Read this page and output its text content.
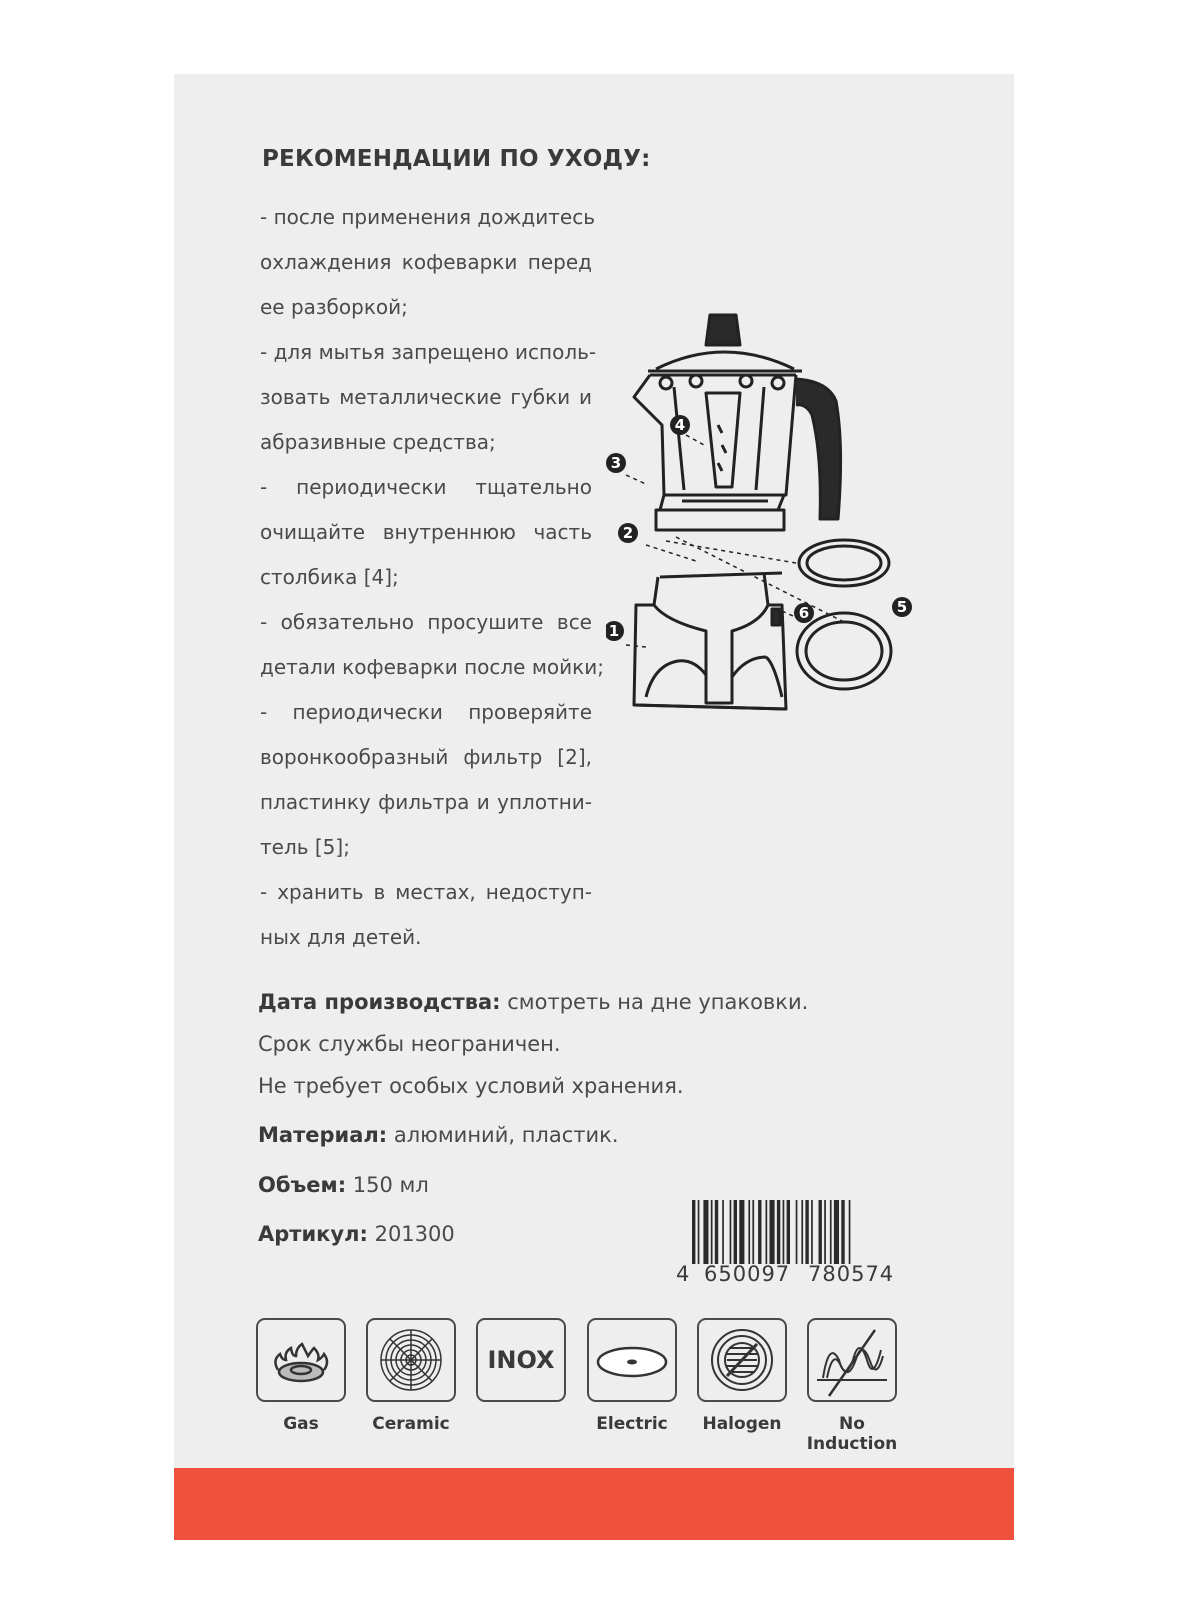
РЕКОМЕНДАЦИИ ПО УХОДУ:
- после применения дождитесь
охлаждения кофеварки перед
ее разборкой;
- для мытья запрещено исполь-
зовать металлические губки и
абразивные средства;
- периодически тщательно
очищайте внутреннюю часть
столбика [4];
- обязательно просушите все
детали кофеварки после мойки;
- периодически проверяйте
воронкообразный фильтр [2],
пластинку фильтра и уплотни-
тель [5];
- хранить в местах, недоступ-
ных для детей.
1
2
3
4
5
6
Дата производства: смотреть на дне упаковки.
Срок службы неограничен.
Не требует особых условий хранения.
Материал: алюминий, пластик.
Объем: 150 мл
Артикул: 201300
4 650097 780574
Gas	Ceramic
INOX
Electric	Halogen	No Induction
